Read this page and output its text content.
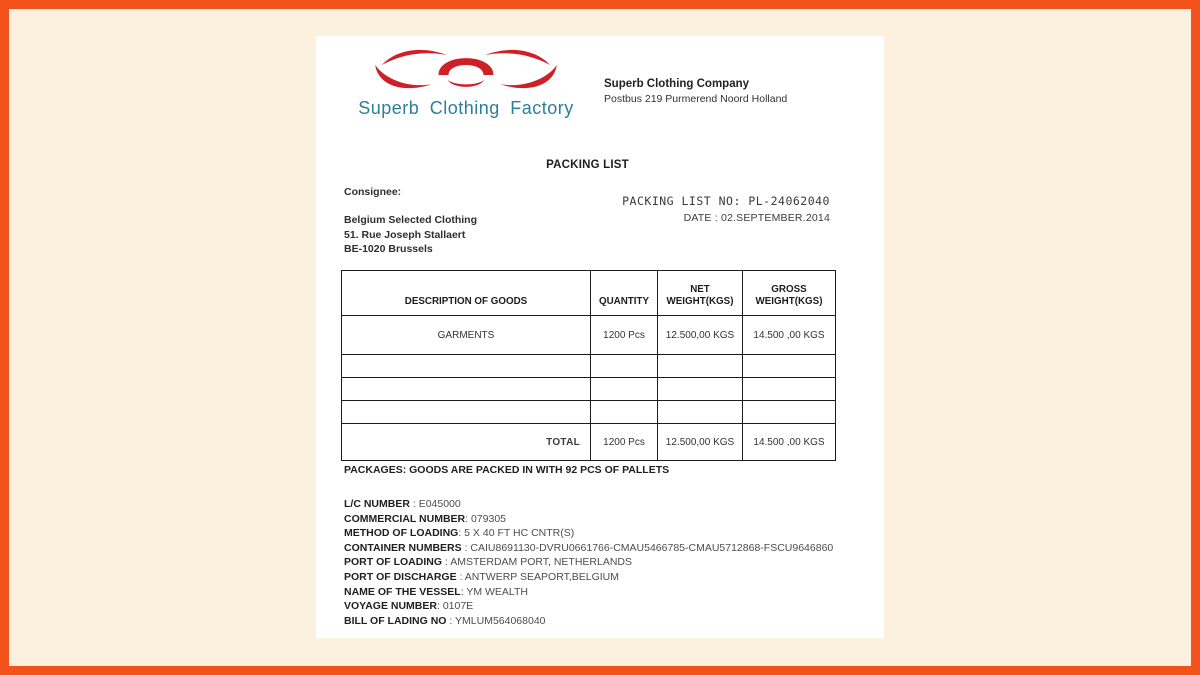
Superb Clothing Factory
Superb Clothing Company
Postbus 219 Purmerend Noord Holland
PACKING LIST
Consignee:
Belgium Selected Clothing
51. Rue Joseph Stallaert
BE-1020 Brussels
PACKING LIST NO: PL-24062040
DATE : 02.SEPTEMBER.2014
DESCRIPTION OF GOODS	QUANTITY	NET WEIGHT(KGS)	GROSS WEIGHT(KGS)
GARMENTS	1200 Pcs	12.500,00 KGS	14.500 ,00 KGS

TOTAL	1200 Pcs	12.500,00 KGS	14.500 ,00 KGS
PACKAGES: GOODS ARE PACKED IN WITH 92 PCS OF PALLETS
L/C NUMBER : E045000
COMMERCIAL NUMBER: 079305
METHOD OF LOADING: 5 X 40 FT HC CNTR(S)
CONTAINER NUMBERS : CAIU8691130-DVRU0661766-CMAU5466785-CMAU5712868-FSCU9646860
PORT OF LOADING : AMSTERDAM PORT, NETHERLANDS
PORT OF DISCHARGE : ANTWERP SEAPORT,BELGIUM
NAME OF THE VESSEL: YM WEALTH
VOYAGE NUMBER: 0107E
BILL OF LADING NO : YMLUM564068040
